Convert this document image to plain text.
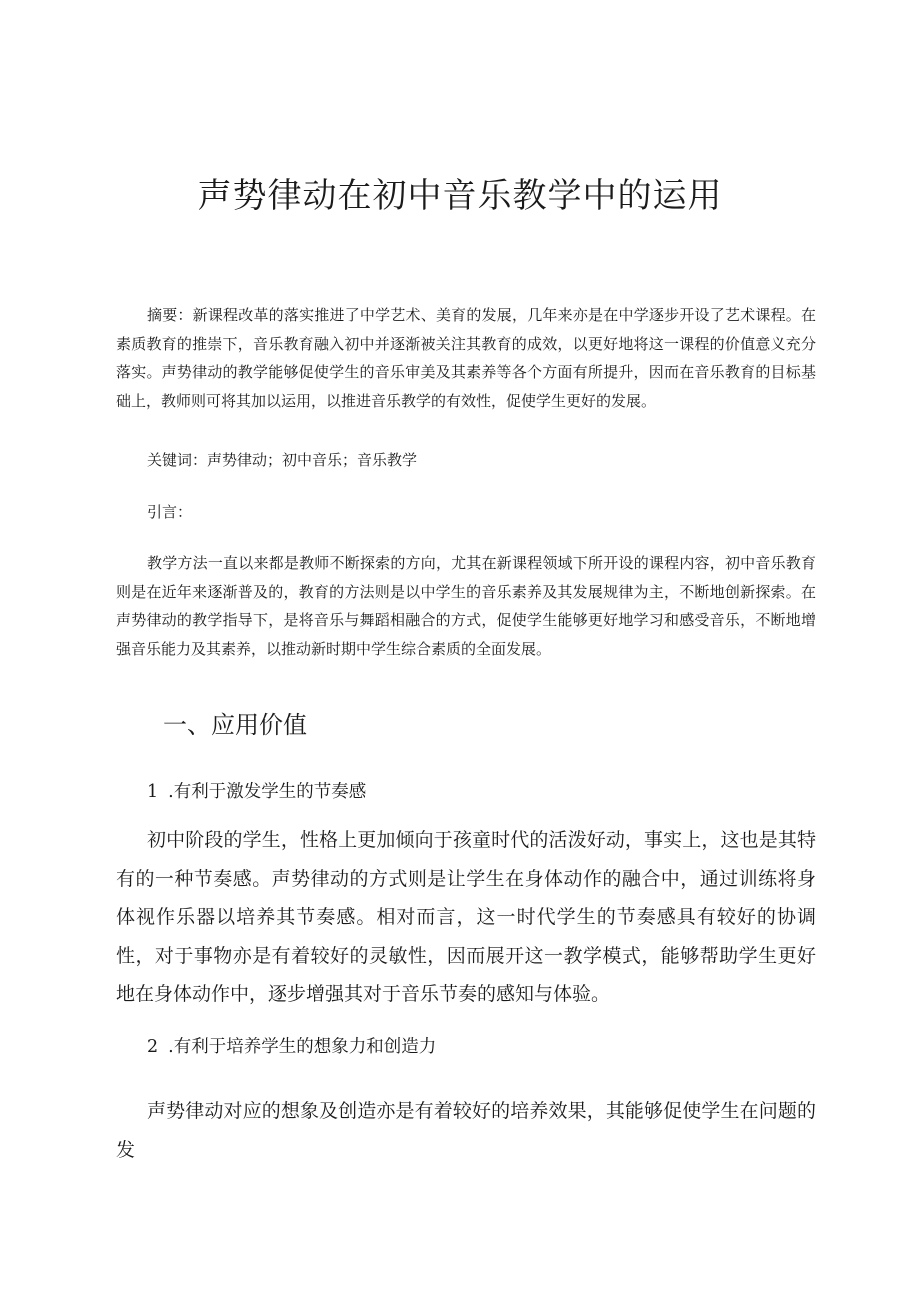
声势律动在初中音乐教学中的运用

摘要：新课程改革的落实推进了中学艺术、美育的发展，几年来亦是在中学逐步开设了艺术课程。在素质教育的推崇下，音乐教育融入初中并逐渐被关注其教育的成效，以更好地将这一课程的价值意义充分落实。声势律动的教学能够促使学生的音乐审美及其素养等各个方面有所提升，因而在音乐教育的目标基础上，教师则可将其加以运用，以推进音乐教学的有效性，促使学生更好的发展。

关键词：声势律动；初中音乐；音乐教学

引言：

教学方法一直以来都是教师不断探索的方向，尤其在新课程领域下所开设的课程内容，初中音乐教育则是在近年来逐渐普及的，教育的方法则是以中学生的音乐素养及其发展规律为主，不断地创新探索。在声势律动的教学指导下，是将音乐与舞蹈相融合的方式，促使学生能够更好地学习和感受音乐，不断地增强音乐能力及其素养，以推动新时期中学生综合素质的全面发展。

一、应用价值

1 .有利于激发学生的节奏感

初中阶段的学生，性格上更加倾向于孩童时代的活泼好动，事实上，这也是其特有的一种节奏感。声势律动的方式则是让学生在身体动作的融合中，通过训练将身体视作乐器以培养其节奏感。相对而言，这一时代学生的节奏感具有较好的协调性，对于事物亦是有着较好的灵敏性，因而展开这一教学模式，能够帮助学生更好地在身体动作中，逐步增强其对于音乐节奏的感知与体验。

2 .有利于培养学生的想象力和创造力

声势律动对应的想象及创造亦是有着较好的培养效果，其能够促使学生在问题的发
